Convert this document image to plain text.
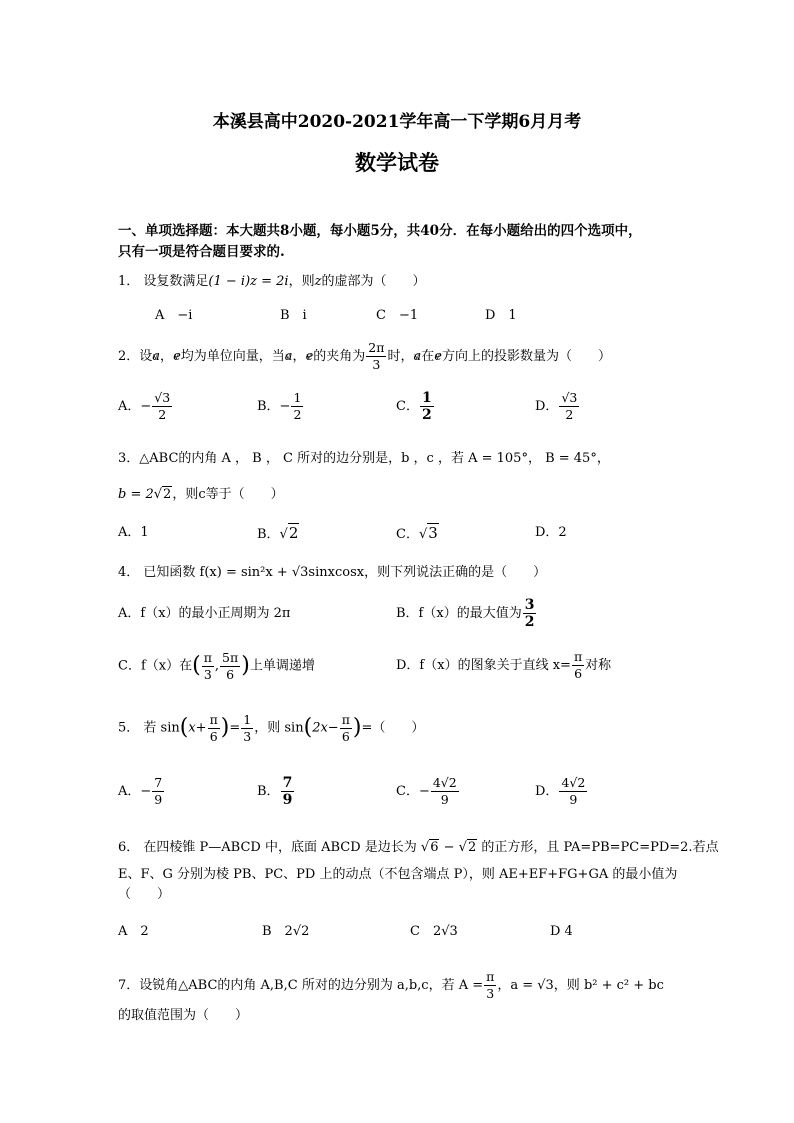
本溪县高中2020-2021学年高一下学期6月月考
数学试卷
一、单项选择题：本大题共8小题，每小题5分，共40分．在每小题给出的四个选项中，
只有一项是符合题目要求的.
1． 设复数满足(1 − i)z = 2i，则z的虚部为（　　）
A　−i	B　i	C　−1	D　1
2．设v a，v e均为单位向量，当v a，v e的夹角为 $\frac{2\pi}{3}$ 时，v a在v e方向上的投影数量为（　　）
A．− $\frac{√3}{2}$	B．− $\frac{1}{2}$	C． $\frac{1}{2}$	D． $\frac{√3}{2}$
3．△ABC的内角 A ， B ， C 所对的边分别是，b ，c ，若 A = 105°， B = 45°，
b = 2√2，则c等于（　　）
A．1	B．√2	C．√3	D．2
4． 已知函数 f(x) = sin²x + √3sinxcosx，则下列说法正确的是（　　）
A．f（x）的最小正周期为 2π	B．f（x）的最大值为 $\frac{3}{2}$
C．f（x）在( $\frac{\pi}{3}$ , $\frac{5\pi}{6}$ )上单调递增	D．f（x）的图象关于直线 $x= \frac{\pi}{6}$ 对称
5． 若 $\sin(x+ \frac{\pi}{6}$ )= $\frac{1}{3}$ ，则 $\sin(2x- \frac{\pi}{6}$ )=（　　）
A．− $\frac{7}{9}$	B． $\frac{7}{9}$	C．− $\frac{4√2}{9}$	D． $\frac{4√2}{9}$
6． 在四棱锥 P—ABCD 中，底面 ABCD 是边长为 √6 − √2 的正方形，且 PA=PB=PC=PD=2.若点
E、F、G 分别为棱 PB、PC、PD 上的动点（不包含端点 P），则 AE+EF+FG+GA 的最小值为
（　　）
A　2	B　2√2	C　2√3	D 4
7．设锐角△ABC的内角 A,B,C 所对的边分别为 a,b,c，若 $A = \frac{\pi}{3}$ ，a = √3，则 b² + c² + bc
的取值范围为（　　）
